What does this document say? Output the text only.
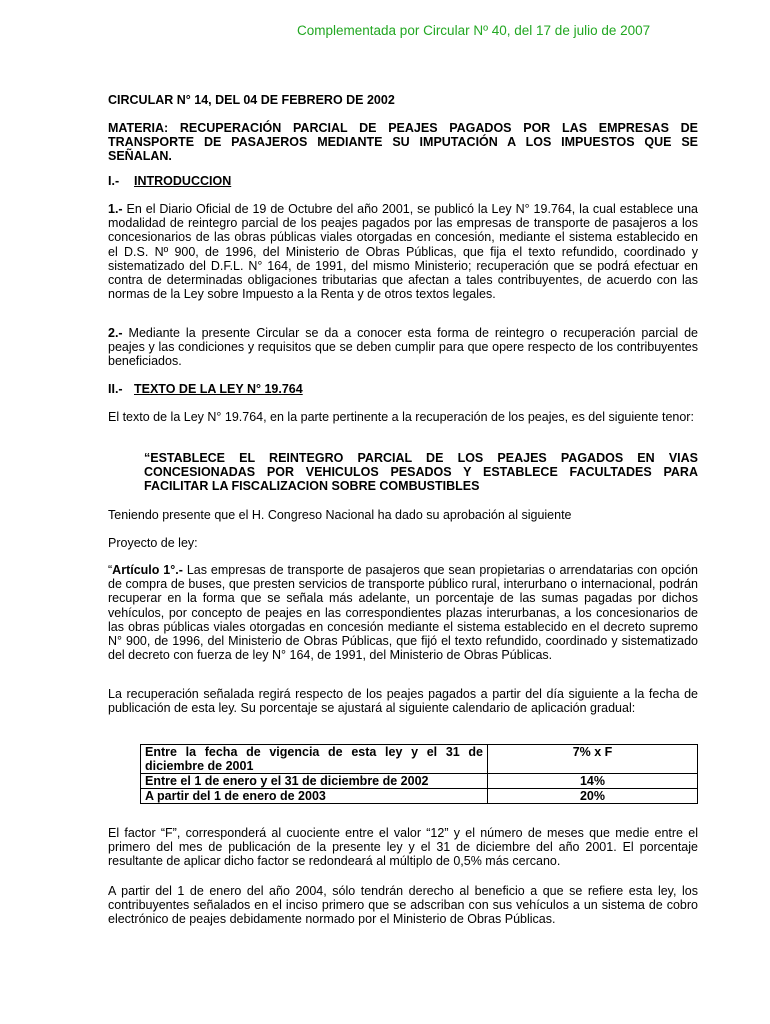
Complementada por Circular Nº 40, del 17 de julio de 2007
CIRCULAR N° 14, DEL 04 DE FEBRERO DE 2002
MATERIA: RECUPERACIÓN PARCIAL DE PEAJES PAGADOS POR LAS EMPRESAS DE TRANSPORTE DE PASAJEROS MEDIANTE SU IMPUTACIÓN A LOS IMPUESTOS QUE SE SEÑALAN.
I.- INTRODUCCION
1.- En el Diario Oficial de 19 de Octubre del año 2001, se publicó la Ley N° 19.764, la cual establece una modalidad de reintegro parcial de los peajes pagados por las empresas de transporte de pasajeros a los concesionarios de las obras públicas viales otorgadas en concesión, mediante el sistema establecido en el D.S. Nº 900, de 1996, del Ministerio de Obras Públicas, que fija el texto refundido, coordinado y sistematizado del D.F.L. N° 164, de 1991, del mismo Ministerio; recuperación que se podrá efectuar en contra de determinadas obligaciones tributarias que afectan a tales contribuyentes, de acuerdo con las normas de la Ley sobre Impuesto a la Renta y de otros textos legales.
2.- Mediante la presente Circular se da a conocer esta forma de reintegro o recuperación parcial de peajes y las condiciones y requisitos que se deben cumplir para que opere respecto de los contribuyentes beneficiados.
II.- TEXTO DE LA LEY N° 19.764
El texto de la Ley N° 19.764, en la parte pertinente a la recuperación de los peajes, es del siguiente tenor:
“ESTABLECE EL REINTEGRO PARCIAL DE LOS PEAJES PAGADOS EN VIAS CONCESIONADAS POR VEHICULOS PESADOS Y ESTABLECE FACULTADES PARA FACILITAR LA FISCALIZACION SOBRE COMBUSTIBLES
Teniendo presente que el H. Congreso Nacional ha dado su aprobación al siguiente
Proyecto de ley:
“Artículo 1°.- Las empresas de transporte de pasajeros que sean propietarias o arrendatarias con opción de compra de buses, que presten servicios de transporte público rural, interurbano o internacional, podrán recuperar en la forma que se señala más adelante, un porcentaje de las sumas pagadas por dichos vehículos, por concepto de peajes en las correspondientes plazas interurbanas, a los concesionarios de las obras públicas viales otorgadas en concesión mediante el sistema establecido en el decreto supremo N° 900, de 1996, del Ministerio de Obras Públicas, que fijó el texto refundido, coordinado y sistematizado del decreto con fuerza de ley N° 164, de 1991, del Ministerio de Obras Públicas.
La recuperación señalada regirá respecto de los peajes pagados a partir del día siguiente a la fecha de publicación de esta ley. Su porcentaje se ajustará al siguiente calendario de aplicación gradual:
Entre la fecha de vigencia de esta ley y el 31 de diciembre de 2001	7% x F
Entre el 1 de enero y el 31 de diciembre de 2002	14%
A partir del 1 de enero de 2003	20%
El factor “F”, corresponderá al cuociente entre el valor “12” y el número de meses que medie entre el primero del mes de publicación de la presente ley y el 31 de diciembre del año 2001. El porcentaje resultante de aplicar dicho factor se redondeará al múltiplo de 0,5% más cercano.
A partir del 1 de enero del año 2004, sólo tendrán derecho al beneficio a que se refiere esta ley, los contribuyentes señalados en el inciso primero que se adscriban con sus vehículos a un sistema de cobro electrónico de peajes debidamente normado por el Ministerio de Obras Públicas.
